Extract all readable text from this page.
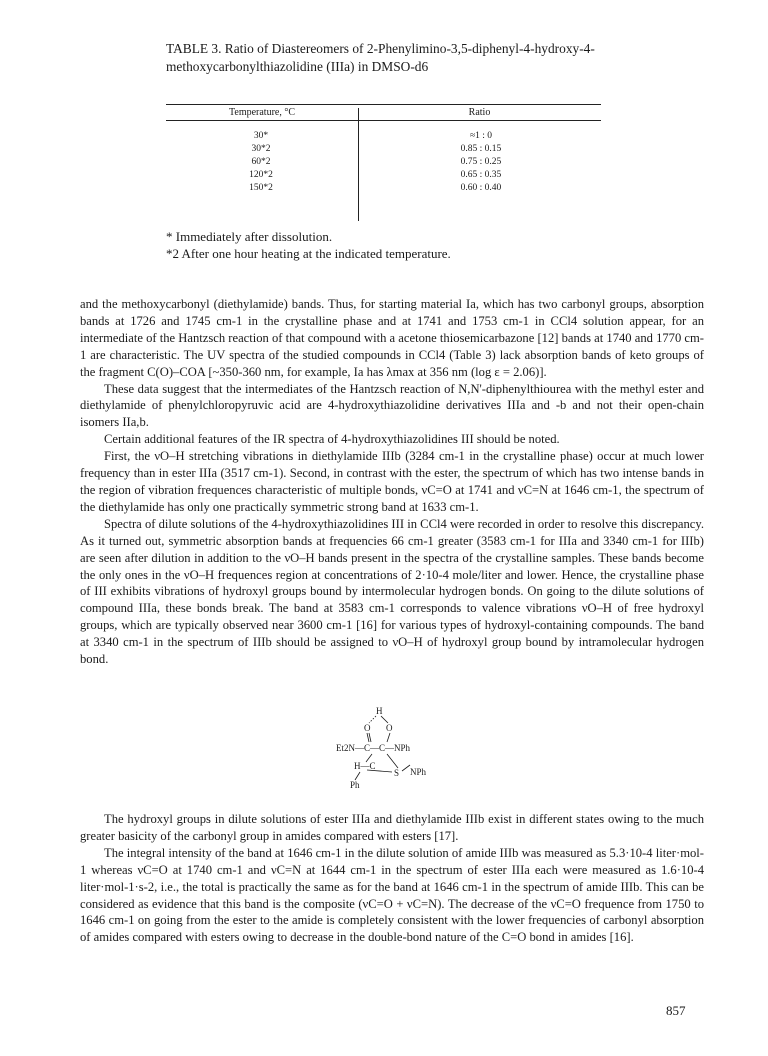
TABLE 3. Ratio of Diastereomers of 2-Phenylimino-3,5-diphenyl-4-hydroxy-4-methoxycarbonylthiazolidine (IIIa) in DMSO-d6
Temperature, °C	Ratio
30*	≈1 : 0
30*2	0.85 : 0.15
60*2	0.75 : 0.25
120*2	0.65 : 0.35
150*2	0.60 : 0.40
* Immediately after dissolution.
*2 After one hour heating at the indicated temperature.

and the methoxycarbonyl (diethylamide) bands. Thus, for starting material Ia, which has two carbonyl groups, absorption bands at 1726 and 1745 cm-1 in the crystalline phase and at 1741 and 1753 cm-1 in CCl4 solution appear, for an intermediate of the Hantzsch reaction of that compound with a acetone thiosemicarbazone [12] bands at 1740 and 1770 cm-1 are characteristic. The UV spectra of the studied compounds in CCl4 (Table 3) lack absorption bands of keto groups of the fragment C(O)–COA [~350-360 nm, for example, Ia has λmax at 356 nm (log ε = 2.06)].

These data suggest that the intermediates of the Hantzsch reaction of N,N'-diphenylthiourea with the methyl ester and diethylamide of phenylchloropyruvic acid are 4-hydroxythiazolidine derivatives IIIa and -b and not their open-chain isomers IIa,b.

Certain additional features of the IR spectra of 4-hydroxythiazolidines III should be noted.

First, the νO–H stretching vibrations in diethylamide IIIb (3284 cm-1 in the crystalline phase) occur at much lower frequency than in ester IIIa (3517 cm-1). Second, in contrast with the ester, the spectrum of which has two intense bands in the region of vibration frequences characteristic of multiple bonds, νC=O at 1741 and νC=N at 1646 cm-1, the spectrum of the diethylamide has only one practically symmetric strong band at 1633 cm-1.

Spectra of dilute solutions of the 4-hydroxythiazolidines III in CCl4 were recorded in order to resolve this discrepancy. As it turned out, symmetric absorption bands at frequencies 66 cm-1 greater (3583 cm-1 for IIIa and 3340 cm-1 for IIIb) are seen after dilution in addition to the νO–H bands present in the spectra of the crystalline samples. These bands become the only ones in the νO–H frequences region at concentrations of 2·10-4 mole/liter and lower. Hence, the crystalline phase of III exhibits vibrations of hydroxyl groups bound by intermolecular hydrogen bonds. On going to the dilute solutions of compound IIIa, these bonds break. The band at 3583 cm-1 corresponds to valence vibrations νO–H of free hydroxyl groups, which are typically observed near 3600 cm-1 [16] for various types of hydroxyl-containing compounds. The band at 3340 cm-1 in the spectrum of IIIb should be assigned to νO–H of hydroxyl group bound by intramolecular hydrogen bond.

H
O O
Et2N—C—C—NPh
H—C
S NPh
Ph

The hydroxyl groups in dilute solutions of ester IIIa and diethylamide IIIb exist in different states owing to the much greater basicity of the carbonyl group in amides compared with esters [17].

The integral intensity of the band at 1646 cm-1 in the dilute solution of amide IIIb was measured as 5.3·10-4 liter·mol-1 whereas νC=O at 1740 cm-1 and νC=N at 1644 cm-1 in the spectrum of ester IIIa each were measured as 1.6·10-4 liter·mol-1·s-2, i.e., the total is practically the same as for the band at 1646 cm-1 in the spectrum of amide IIIb. This can be considered as evidence that this band is the composite (νC=O + νC=N). The decrease of the νC=O frequence from 1750 to 1646 cm-1 on going from the ester to the amide is completely consistent with the lower frequencies of carbonyl absorption of amides compared with esters owing to decrease in the double-bond nature of the C=O bond in amides [16].

857
